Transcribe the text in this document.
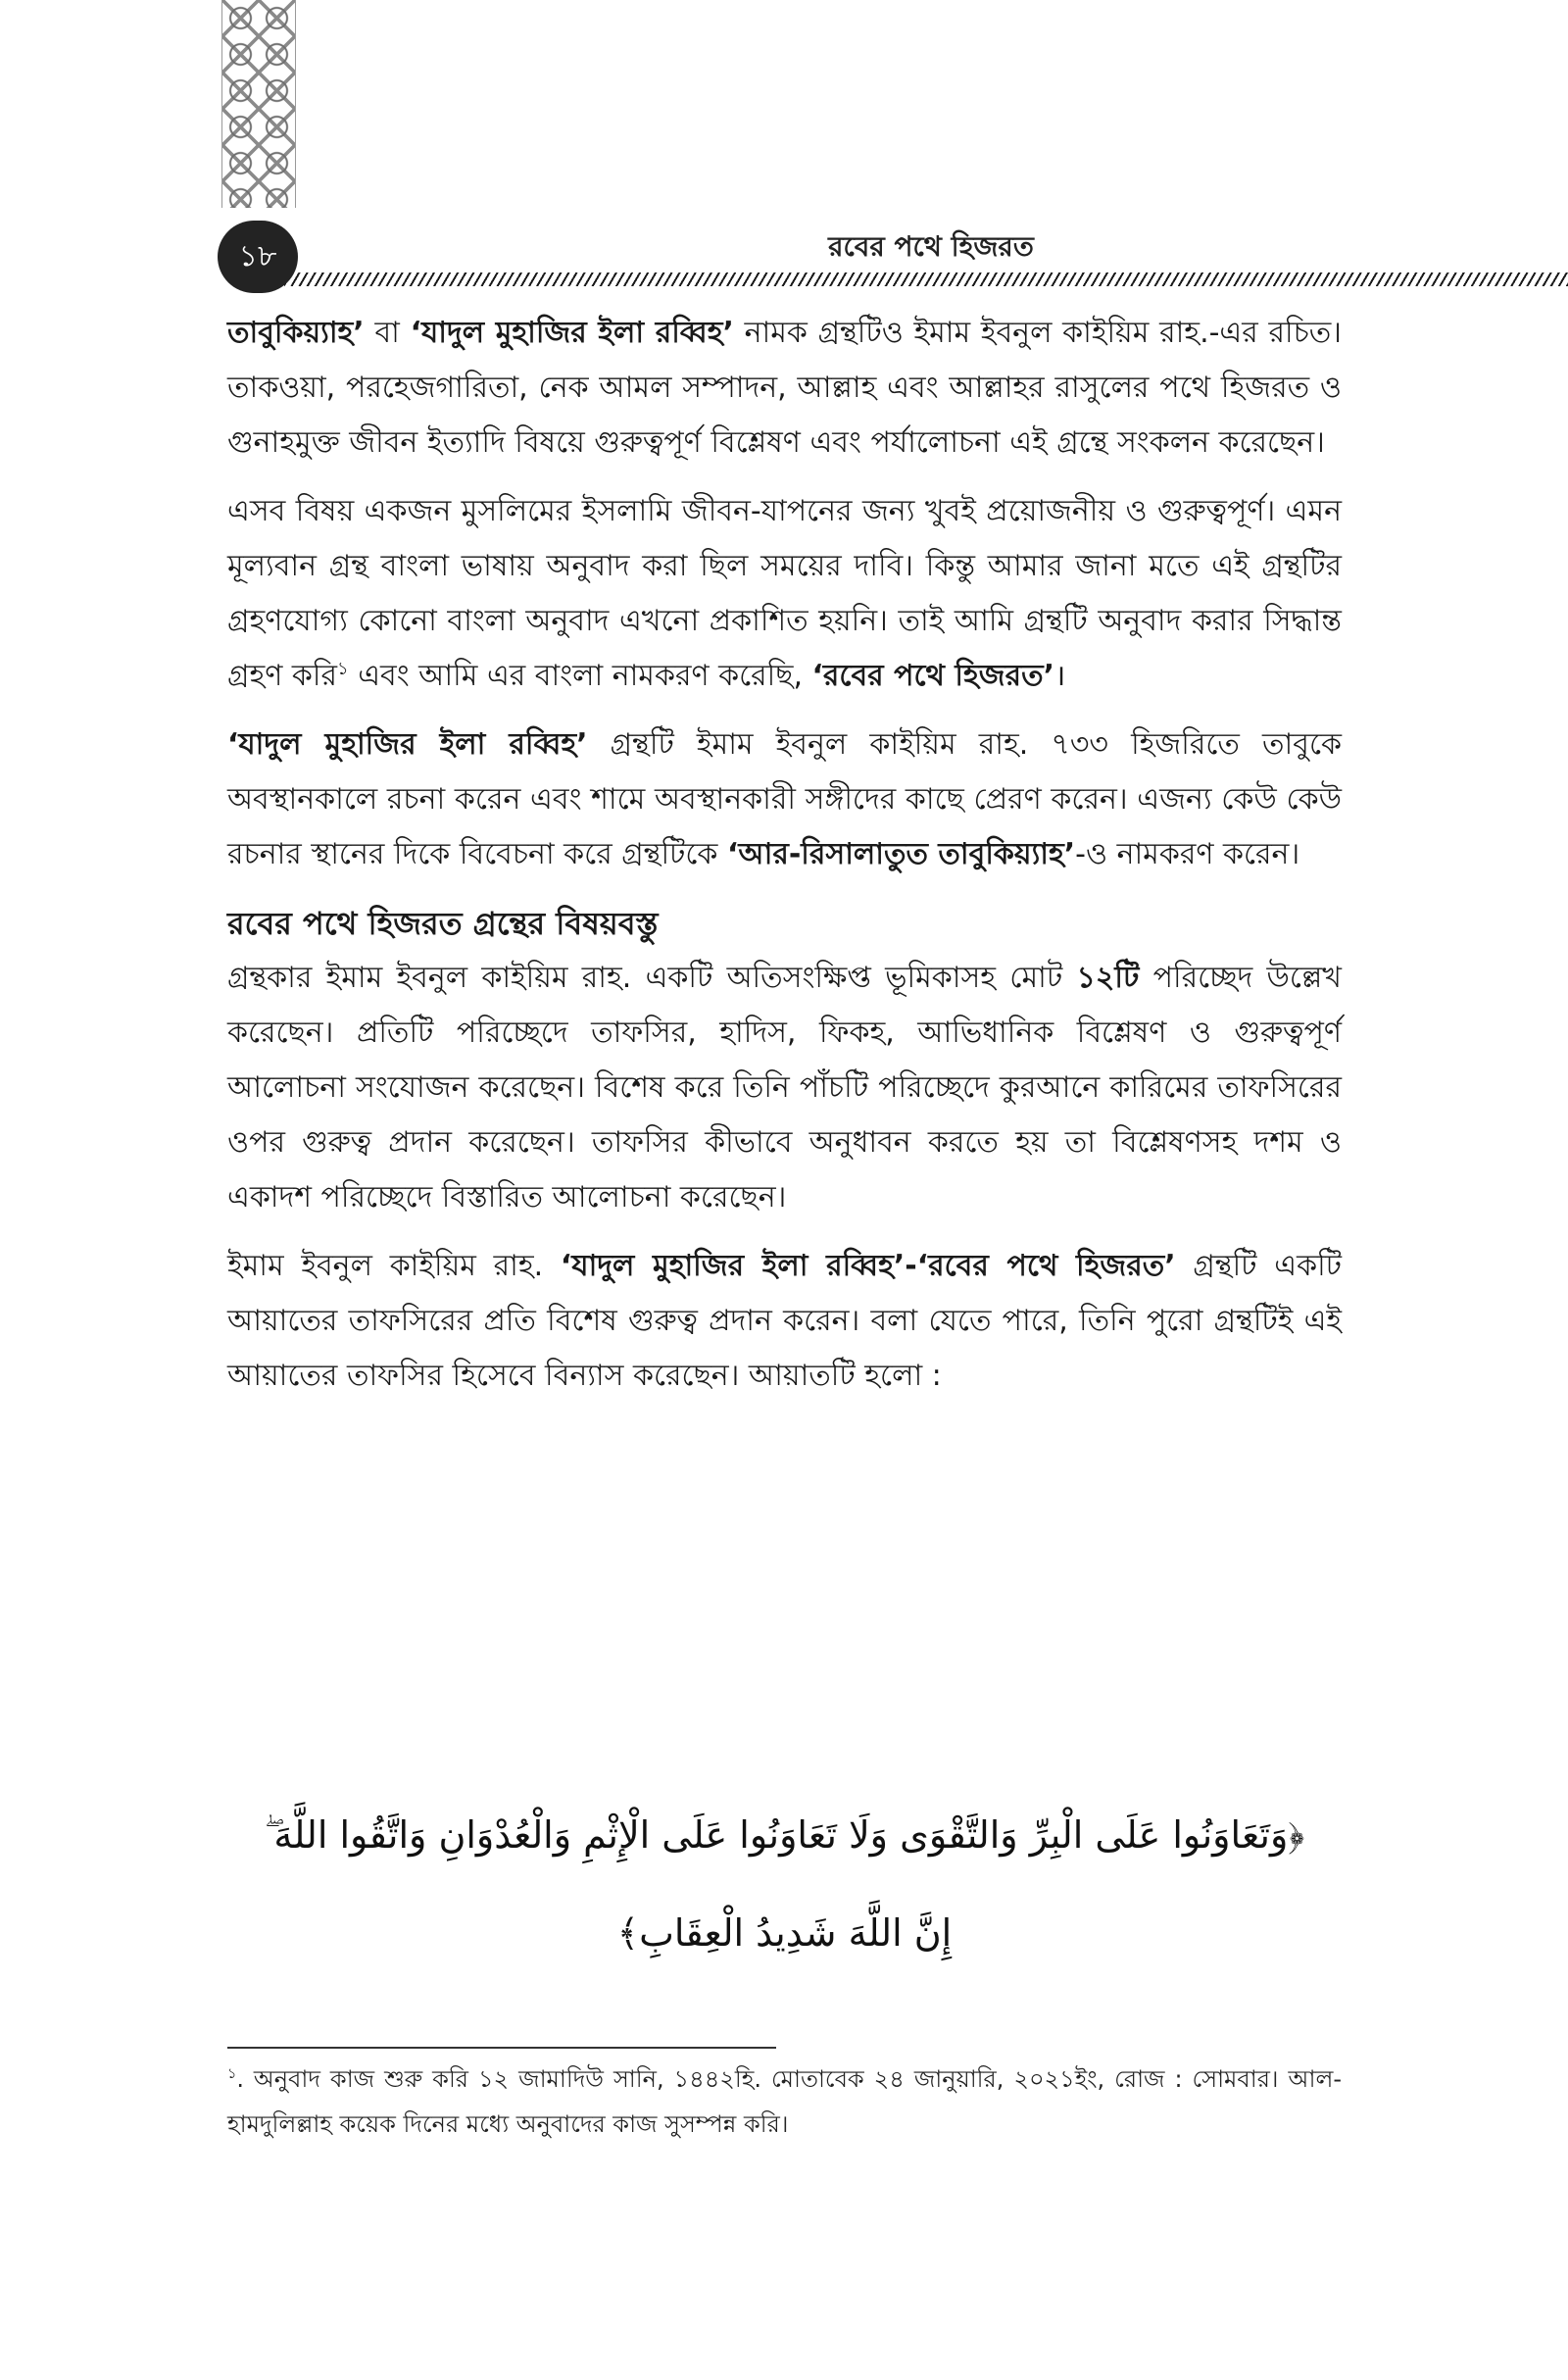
১৮	রবের পথে হিজরত

তাবুকিয়্যাহ’ বা ‘যাদুল মুহাজির ইলা রব্বিহ’ নামক গ্রন্থটিও ইমাম ইবনুল কাইয়িম রাহ.-এর রচিত। তাকওয়া, পরহেজগারিতা, নেক আমল সম্পাদন, আল্লাহ এবং আল্লাহর রাসুলের পথে হিজরত ও গুনাহমুক্ত জীবন ইত্যাদি বিষয়ে গুরুত্বপূর্ণ বিশ্লেষণ এবং পর্যালোচনা এই গ্রন্থে সংকলন করেছেন।

এসব বিষয় একজন মুসলিমের ইসলামি জীবন-যাপনের জন্য খুবই প্রয়োজনীয় ও গুরুত্বপূর্ণ। এমন মূল্যবান গ্রন্থ বাংলা ভাষায় অনুবাদ করা ছিল সময়ের দাবি। কিন্তু আমার জানা মতে এই গ্রন্থটির গ্রহণযোগ্য কোনো বাংলা অনুবাদ এখনো প্রকাশিত হয়নি। তাই আমি গ্রন্থটি অনুবাদ করার সিদ্ধান্ত গ্রহণ করি$^১$ এবং আমি এর বাংলা নামকরণ করেছি, ‘রবের পথে হিজরত’।

‘যাদুল মুহাজির ইলা রব্বিহ’ গ্রন্থটি ইমাম ইবনুল কাইয়িম রাহ. ৭৩৩ হিজরিতে তাবুকে অবস্থানকালে রচনা করেন এবং শামে অবস্থানকারী সঙ্গীদের কাছে প্রেরণ করেন। এজন্য কেউ কেউ রচনার স্থানের দিকে বিবেচনা করে গ্রন্থটিকে ‘আর-রিসালাতুত তাবুকিয়্যাহ’-ও নামকরণ করেন।

রবের পথে হিজরত গ্রন্থের বিষয়বস্তু

গ্রন্থকার ইমাম ইবনুল কাইয়িম রাহ. একটি অতিসংক্ষিপ্ত ভূমিকাসহ মোট ১২টি পরিচ্ছেদ উল্লেখ করেছেন। প্রতিটি পরিচ্ছেদে তাফসির, হাদিস, ফিকহ, আভিধানিক বিশ্লেষণ ও গুরুত্বপূর্ণ আলোচনা সংযোজন করেছেন। বিশেষ করে তিনি পাঁচটি পরিচ্ছেদে কুরআনে কারিমের তাফসিরের ওপর গুরুত্ব প্রদান করেছেন। তাফসির কীভাবে অনুধাবন করতে হয় তা বিশ্লেষণসহ দশম ও একাদশ পরিচ্ছেদে বিস্তারিত আলোচনা করেছেন।

ইমাম ইবনুল কাইয়িম রাহ. ‘যাদুল মুহাজির ইলা রব্বিহ’-‘রবের পথে হিজরত’ গ্রন্থটি একটি আয়াতের তাফসিরের প্রতি বিশেষ গুরুত্ব প্রদান করেন। বলা যেতে পারে, তিনি পুরো গ্রন্থটিই এই আয়াতের তাফসির হিসেবে বিন্যাস করেছেন। আয়াতটি হলো :

﴿وَتَعَاوَنُوا عَلَى الْبِرِّ وَالتَّقْوَى وَلَا تَعَاوَنُوا عَلَى الْإِثْمِ وَالْعُدْوَانِ وَاتَّقُوا اللَّهَ ۖ
إِنَّ اللَّهَ شَدِيدُ الْعِقَابِ﴾
$^১$. অনুবাদ কাজ শুরু করি ১২ জামাদিউ সানি, ১৪৪২হি. মোতাবেক ২৪ জানুয়ারি, ২০২১ইং, রোজ : সোমবার। আল-হামদুলিল্লাহ কয়েক দিনের মধ্যে অনুবাদের কাজ সুসম্পন্ন করি।
